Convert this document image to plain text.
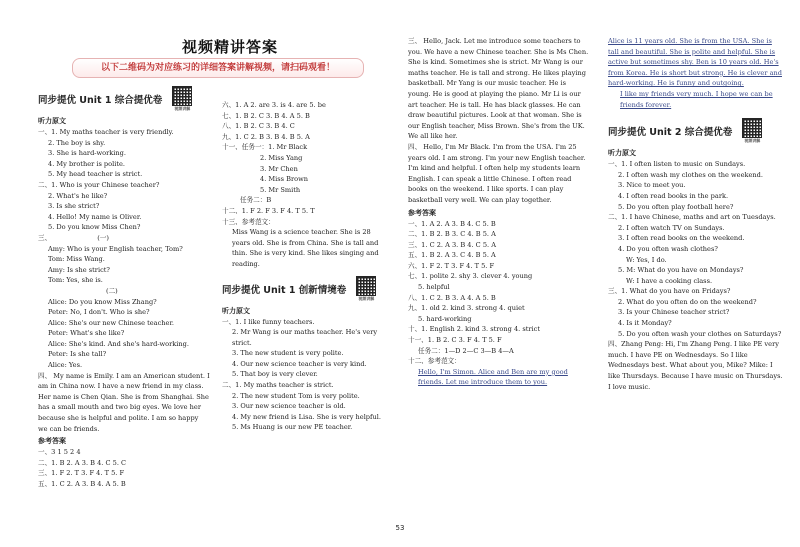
视频精讲答案
以下二维码为对应练习的详细答案讲解视频，请扫码观看！
同步提优 Unit 1 综合提优卷
视频讲解
听力原文
一、1. My maths teacher is very friendly.
2. The boy is shy.
3. She is hard-working.
4. My brother is polite.
5. My head teacher is strict.
二、1. Who is your Chinese teacher?
2. What's he like?
3. Is she strict?
4. Hello! My name is Oliver.
5. Do you know Miss Chen?
三、	(一)
Amy: Who is your English teacher, Tom?
Tom: Miss Wang.
Amy: Is she strict?
Tom: Yes, she is.
(二)
Alice: Do you know Miss Zhang?
Peter: No, I don't. Who is she?
Alice: She's our new Chinese teacher.
Peter: What's she like?
Alice: She's kind. And she's hard-working.
Peter: Is she tall?
Alice: Yes.
四、 My name is Emily. I am an American student. I am in China now. I have a new friend in my class. Her name is Chen Qian. She is from Shanghai. She has a small mouth and two big eyes. We love her because she is helpful and polite. I am so happy we can be friends.
参考答案
一、3 1 5 2 4
二、1. B 2. A 3. B 4. C 5. C
三、1. F 2. T 3. F 4. T 5. F
五、1. C 2. A 3. B 4. A 5. B
六、1. A 2. are 3. is 4. are 5. be
七、1. B 2. C 3. B 4. A 5. B
八、1. B 2. C 3. B 4. C
九、1. C 2. B 3. B 4. B 5. A
十一、任务一：1. Mr Black
2. Miss Yang
3. Mr Chen
4. Miss Brown
5. Mr Smith
任务二：B
十二、1. F 2. F 3. F 4. T 5. T
十三、参考范文：
Miss Wang is a science teacher. She is 28 years old. She is from China. She is tall and thin. She is very kind. She likes singing and reading.
同步提优 Unit 1 创新情境卷
视频讲解
听力原文
一、1. I like funny teachers.
2. Mr Wang is our maths teacher. He's very strict.
3. The new student is very polite.
4. Our new science teacher is very kind.
5. That boy is very clever.
二、1. My maths teacher is strict.
2. The new student Tom is very polite.
3. Our new science teacher is old.
4. My new friend is Lisa. She is very helpful.
5. Ms Huang is our new PE teacher.
三、 Hello, Jack. Let me introduce some teachers to you. We have a new Chinese teacher. She is Ms Chen. She is kind. Sometimes she is strict. Mr Wang is our maths teacher. He is tall and strong. He likes playing basketball. Mr Yang is our music teacher. He is young. He is good at playing the piano. Mr Li is our art teacher. He is tall. He has black glasses. He can draw beautiful pictures. Look at that woman. She is our English teacher, Miss Brown. She's from the UK. We all like her.
四、 Hello, I'm Mr Black. I'm from the USA. I'm 25 years old. I am strong. I'm your new English teacher. I'm kind and helpful. I often help my students learn English. I can speak a little Chinese. I often read books on the weekend. I like sports. I can play basketball very well. We can play together.
参考答案
一、1. A 2. A 3. B 4. C 5. B
二、1. B 2. B 3. C 4. B 5. A
三、1. C 2. A 3. B 4. C 5. A
五、1. B 2. A 3. C 4. B 5. A
六、1. F 2. T 3. F 4. T 5. F
七、1. polite 2. shy 3. clever 4. young
5. helpful
八、1. C 2. B 3. A 4. A 5. B
九、1. old 2. kind 3. strong 4. quiet
5. hard-working
十、1. English 2. kind 3. strong 4. strict
十一、1. B 2. C 3. F 4. T 5. F
任务二：1—D 2—C 3—B 4—A
十二、参考范文：
Hello, I'm Simon. Alice and Ben are my good friends. Let me introduce them to you.
Alice is 11 years old. She is from the USA. She is tall and beautiful. She is polite and helpful. She is active but sometimes shy. Ben is 10 years old. He's from Korea. He is short but strong. He is clever and hard-working. He is funny and outgoing.
I like my friends very much. I hope we can be friends forever.
同步提优 Unit 2 综合提优卷
视频讲解
听力原文
一、1. I often listen to music on Sundays.
2. I often wash my clothes on the weekend.
3. Nice to meet you.
4. I often read books in the park.
5. Do you often play football here?
二、1. I have Chinese, maths and art on Tuesdays.
2. I often watch TV on Sundays.
3. I often read books on the weekend.
4. Do you often wash clothes?
W: Yes, I do.
5. M: What do you have on Mondays?
W: I have a cooking class.
三、1. What do you have on Fridays?
2. What do you often do on the weekend?
3. Is your Chinese teacher strict?
4. Is it Monday?
5. Do you often wash your clothes on Saturdays?
四、Zhang Peng: Hi, I'm Zhang Peng. I like PE very much. I have PE on Wednesdays. So I like Wednesdays best. What about you, Mike? Mike: I like Thursdays. Because I have music on Thursdays. I love music.
53
